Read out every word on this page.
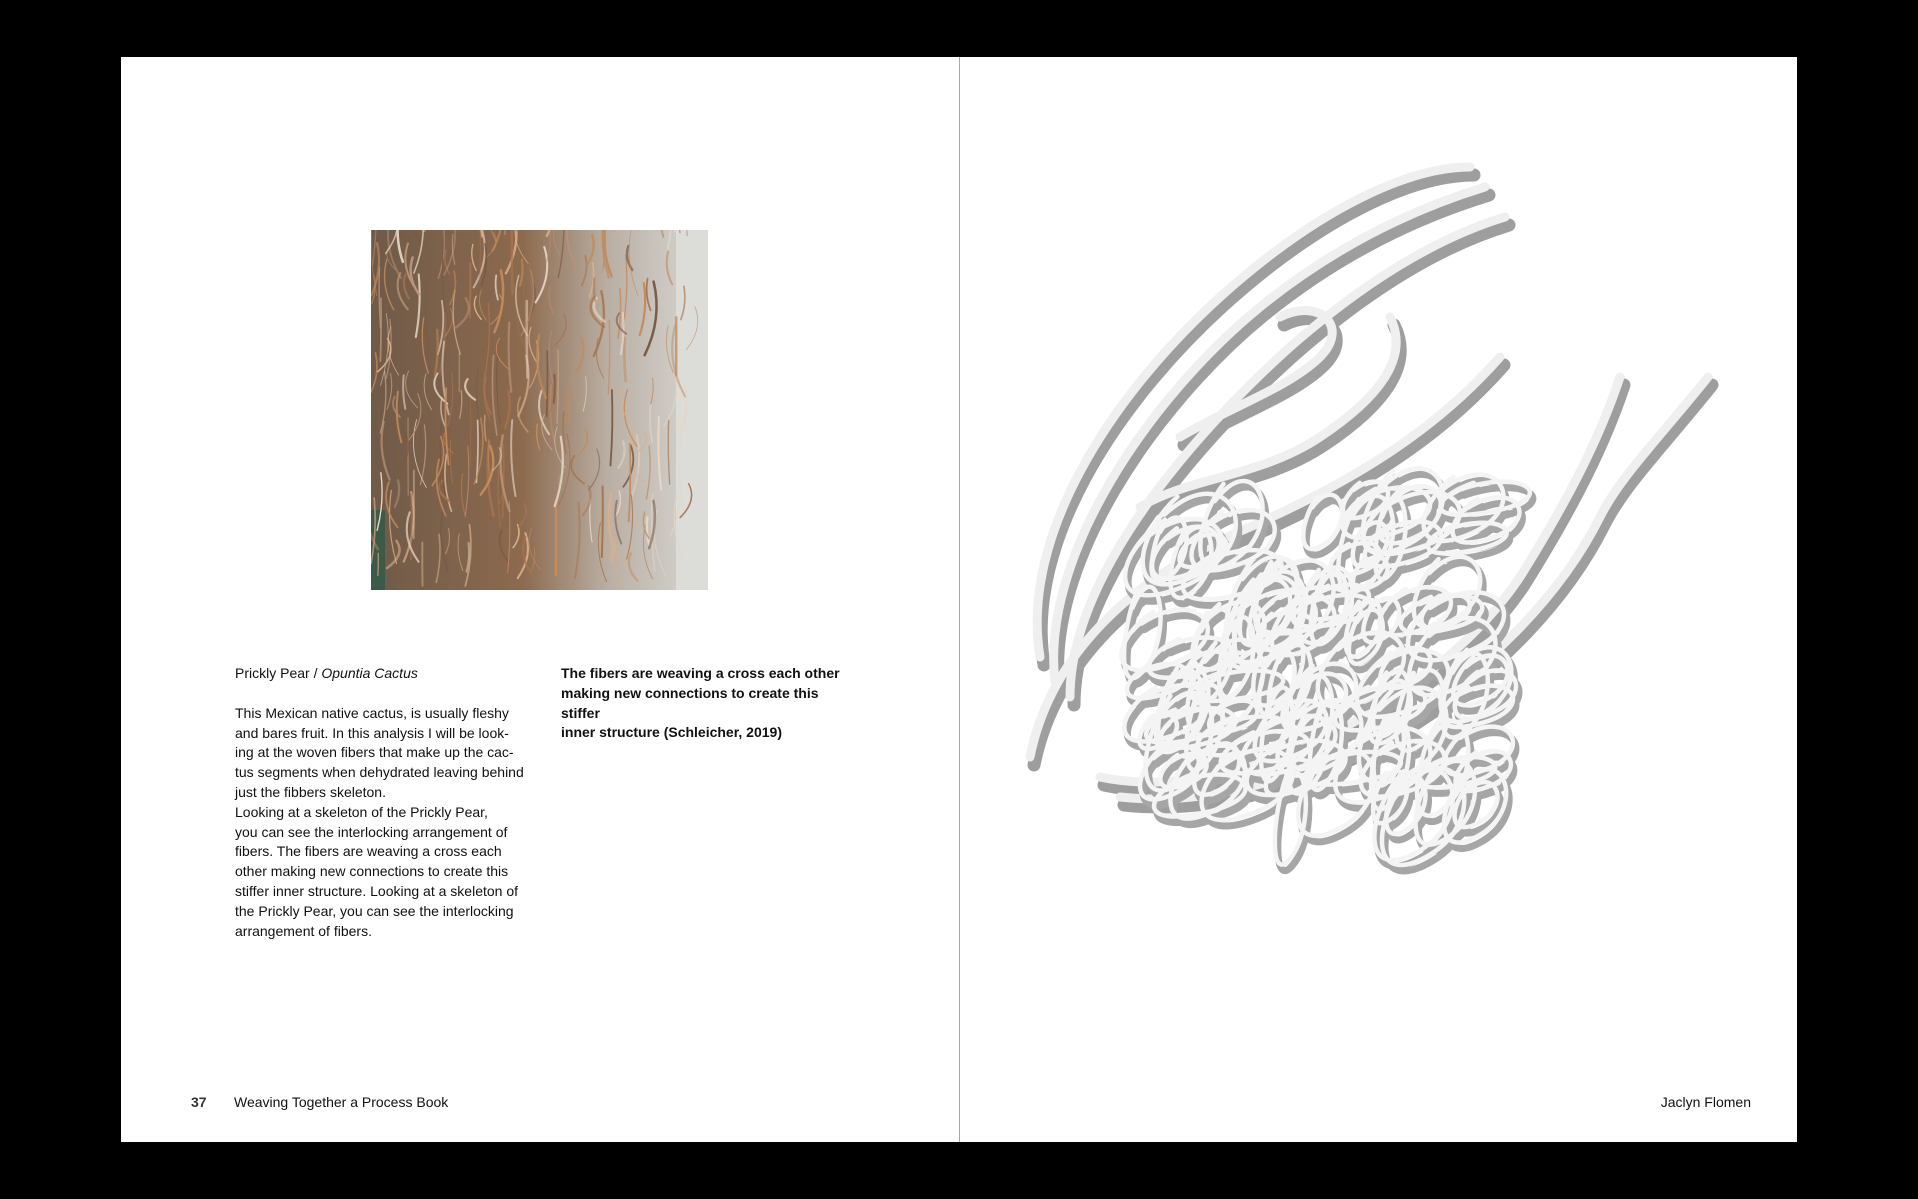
Prickly Pear / Opuntia Cactus

This Mexican native cactus, is usually fleshy
and bares fruit. In this analysis I will be look-
ing at the woven fibers that make up the cac-
tus segments when dehydrated leaving behind
just the fibbers skeleton.
Looking at a skeleton of the Prickly Pear,
you can see the interlocking arrangement of
fibers. The fibers are weaving a cross each
other making new connections to create this
stiffer inner structure. Looking at a skeleton of
the Prickly Pear, you can see the interlocking
arrangement of fibers.

The fibers are weaving a cross each other
making new connections to create this stiffer
inner structure (Schleicher, 2019)

37	Weaving Together a Process Book	Jaclyn Flomen
